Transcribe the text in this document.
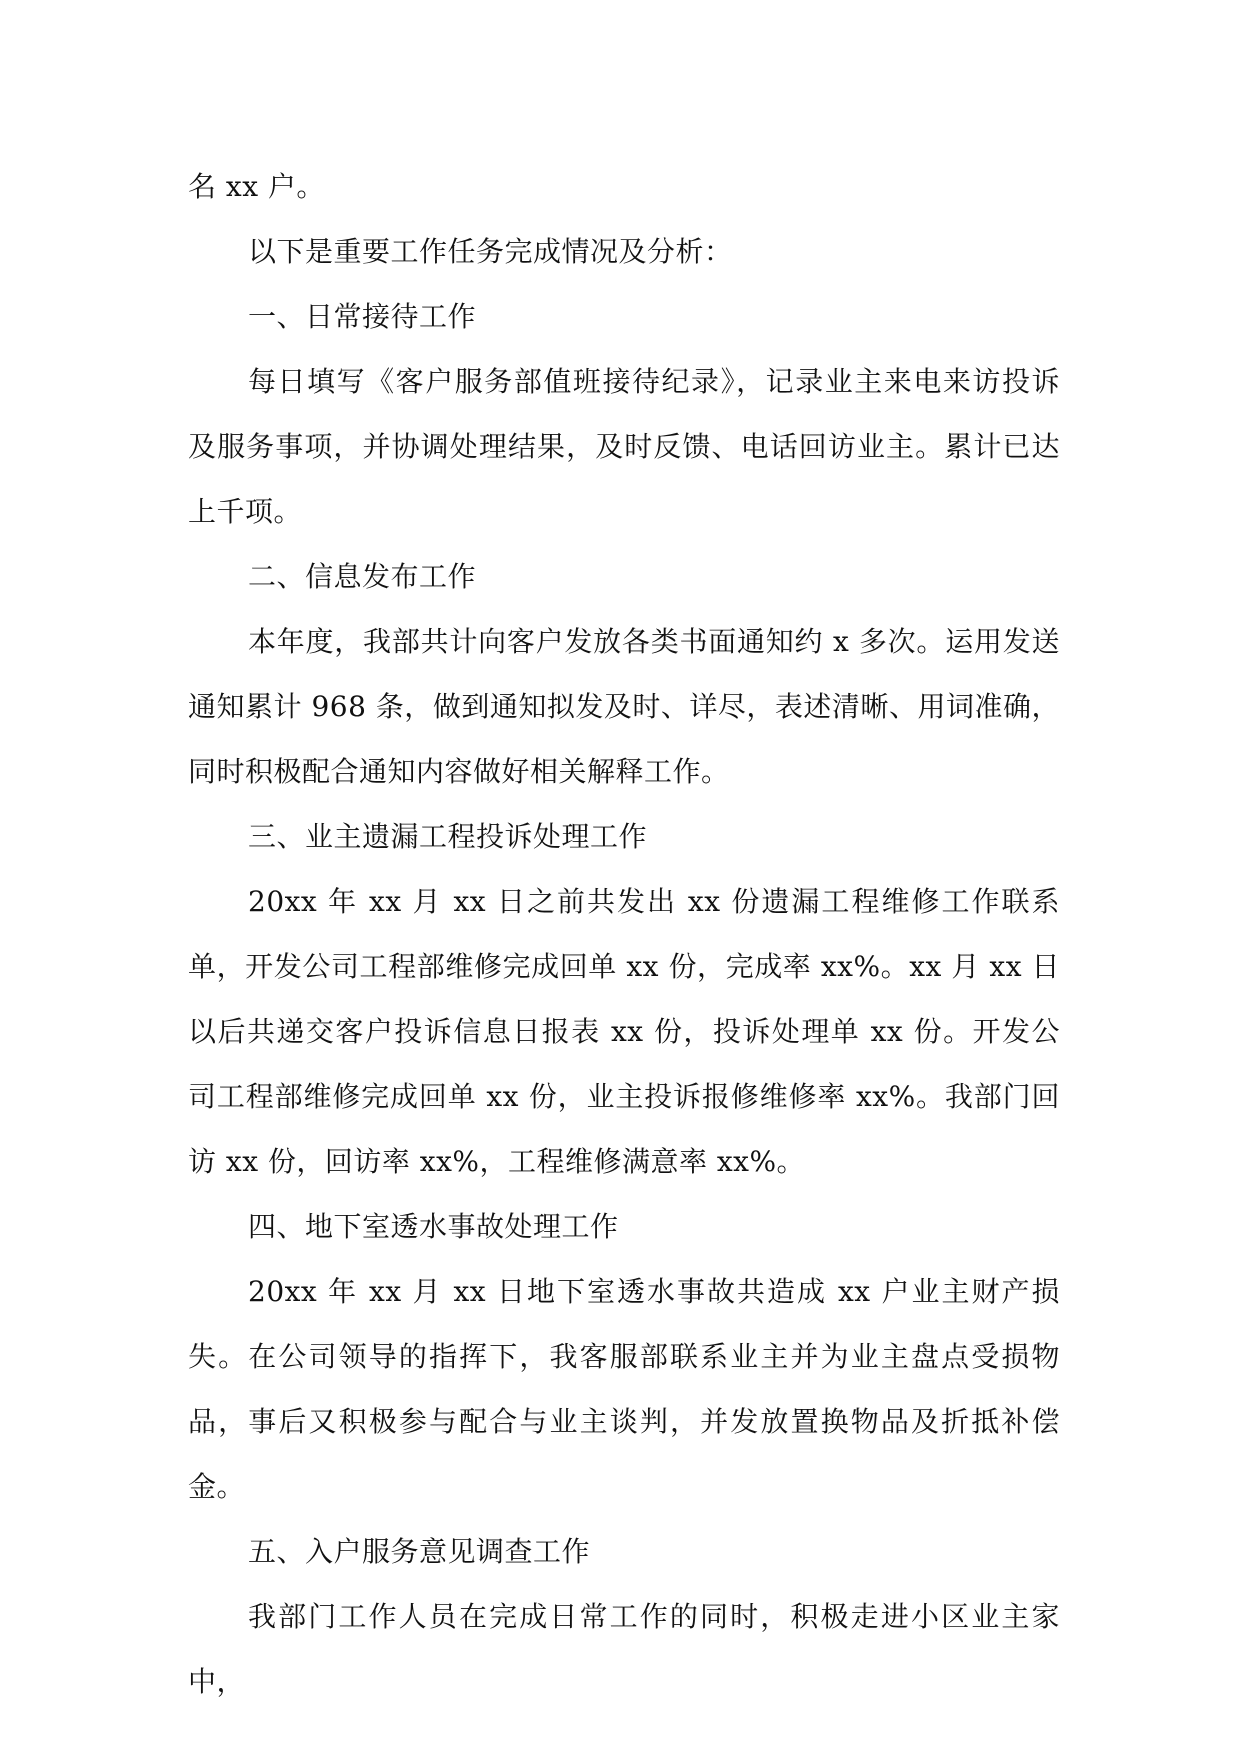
名 xx 户。

以下是重要工作任务完成情况及分析：

一、日常接待工作

每日填写《客户服务部值班接待纪录》，记录业主来电来访投诉及服务事项，并协调处理结果，及时反馈、电话回访业主。累计已达上千项。

二、信息发布工作

本年度，我部共计向客户发放各类书面通知约 x 多次。运用发送通知累计 968 条，做到通知拟发及时、详尽，表述清晰、用词准确，同时积极配合通知内容做好相关解释工作。

三、业主遗漏工程投诉处理工作

20xx 年 xx 月 xx 日之前共发出 xx 份遗漏工程维修工作联系单，开发公司工程部维修完成回单 xx 份，完成率 xx%。xx 月 xx 日以后共递交客户投诉信息日报表 xx 份，投诉处理单 xx 份。开发公司工程部维修完成回单 xx 份，业主投诉报修维修率 xx%。我部门回访 xx 份，回访率 xx%，工程维修满意率 xx%。

四、地下室透水事故处理工作

20xx 年 xx 月 xx 日地下室透水事故共造成 xx 户业主财产损失。在公司领导的指挥下，我客服部联系业主并为业主盘点受损物品，事后又积极参与配合与业主谈判，并发放置换物品及折抵补偿金。

五、入户服务意见调查工作

我部门工作人员在完成日常工作的同时，积极走进小区业主家中，
